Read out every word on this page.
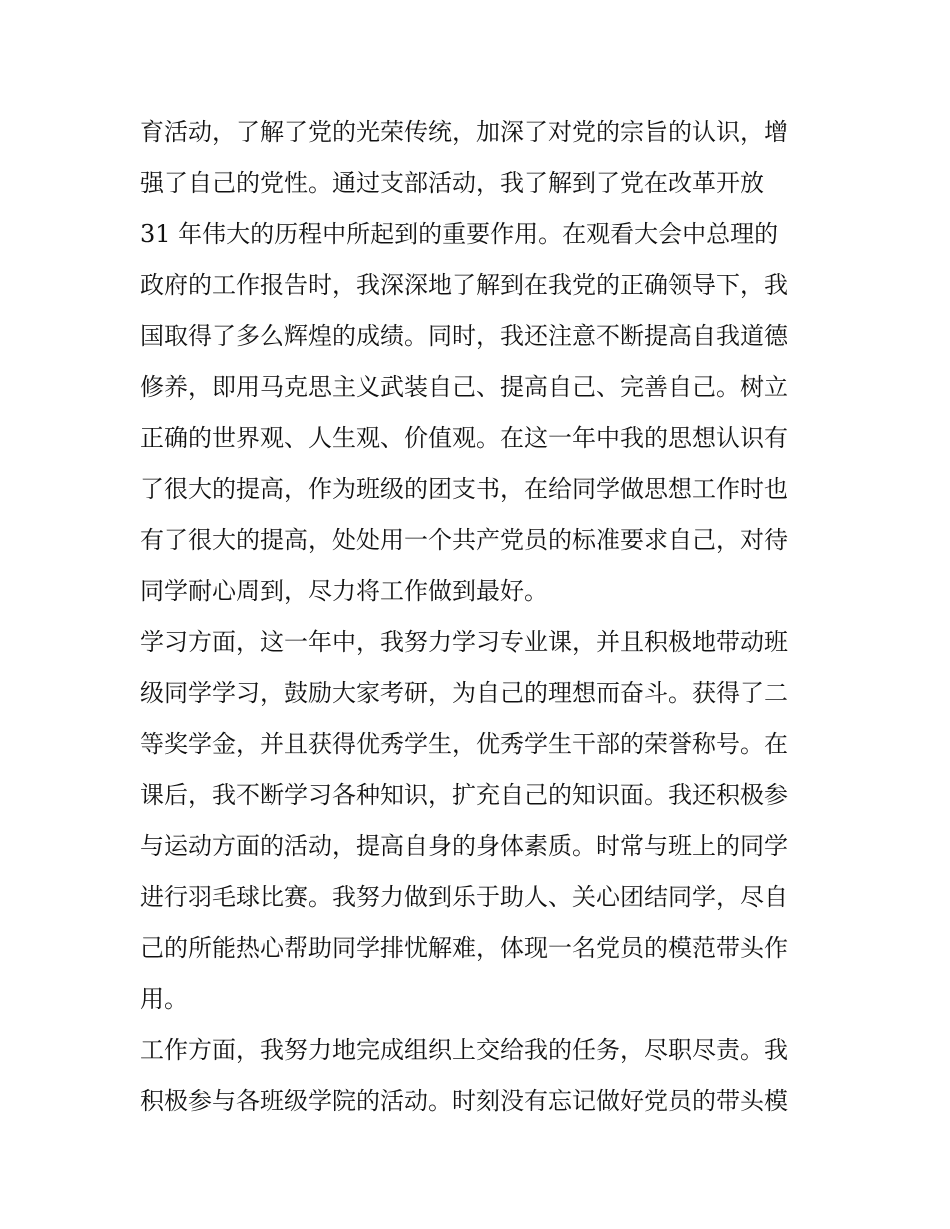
育活动，了解了党的光荣传统，加深了对党的宗旨的认识，增
强了自己的党性。通过支部活动，我了解到了党在改革开放
31 年伟大的历程中所起到的重要作用。在观看大会中总理的
政府的工作报告时，我深深地了解到在我党的正确领导下，我
国取得了多么辉煌的成绩。同时，我还注意不断提高自我道德
修养，即用马克思主义武装自己、提高自己、完善自己。树立
正确的世界观、人生观、价值观。在这一年中我的思想认识有
了很大的提高，作为班级的团支书，在给同学做思想工作时也
有了很大的提高，处处用一个共产党员的标准要求自己，对待
同学耐心周到，尽力将工作做到最好。
学习方面，这一年中，我努力学习专业课，并且积极地带动班
级同学学习，鼓励大家考研，为自己的理想而奋斗。获得了二
等奖学金，并且获得优秀学生，优秀学生干部的荣誉称号。在
课后，我不断学习各种知识，扩充自己的知识面。我还积极参
与运动方面的活动，提高自身的身体素质。时常与班上的同学
进行羽毛球比赛。我努力做到乐于助人、关心团结同学，尽自
己的所能热心帮助同学排忧解难，体现一名党员的模范带头作
用。
工作方面，我努力地完成组织上交给我的任务，尽职尽责。我
积极参与各班级学院的活动。时刻没有忘记做好党员的带头模
